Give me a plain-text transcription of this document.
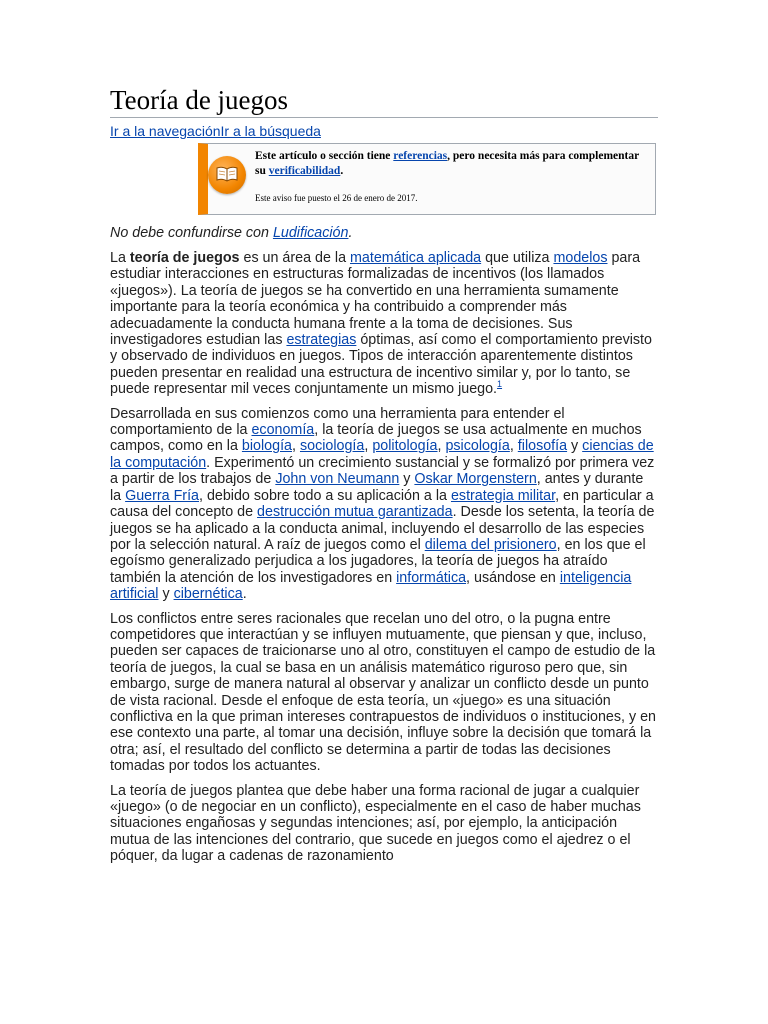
Teoría de juegos
Ir a la navegaciónIr a la búsqueda
Este artículo o sección tiene referencias, pero necesita más para complementar su verificabilidad.
Este aviso fue puesto el 26 de enero de 2017.
No debe confundirse con Ludificación.

La teoría de juegos es un área de la matemática aplicada que utiliza modelos para estudiar interacciones en estructuras formalizadas de incentivos (los llamados «juegos»). La teoría de juegos se ha convertido en una herramienta sumamente importante para la teoría económica y ha contribuido a comprender más adecuadamente la conducta humana frente a la toma de decisiones. Sus investigadores estudian las estrategias óptimas, así como el comportamiento previsto y observado de individuos en juegos. Tipos de interacción aparentemente distintos pueden presentar en realidad una estructura de incentivo similar y, por lo tanto, se puede representar mil veces conjuntamente un mismo juego.$^1$

Desarrollada en sus comienzos como una herramienta para entender el comportamiento de la economía, la teoría de juegos se usa actualmente en muchos campos, como en la biología, sociología, politología, psicología, filosofía y ciencias de la computación. Experimentó un crecimiento sustancial y se formalizó por primera vez a partir de los trabajos de John von Neumann y Oskar Morgenstern, antes y durante la Guerra Fría, debido sobre todo a su aplicación a la estrategia militar, en particular a causa del concepto de destrucción mutua garantizada. Desde los setenta, la teoría de juegos se ha aplicado a la conducta animal, incluyendo el desarrollo de las especies por la selección natural. A raíz de juegos como el dilema del prisionero, en los que el egoísmo generalizado perjudica a los jugadores, la teoría de juegos ha atraído también la atención de los investigadores en informática, usándose en inteligencia artificial y cibernética.

Los conflictos entre seres racionales que recelan uno del otro, o la pugna entre competidores que interactúan y se influyen mutuamente, que piensan y que, incluso, pueden ser capaces de traicionarse uno al otro, constituyen el campo de estudio de la teoría de juegos, la cual se basa en un análisis matemático riguroso pero que, sin embargo, surge de manera natural al observar y analizar un conflicto desde un punto de vista racional. Desde el enfoque de esta teoría, un «juego» es una situación conflictiva en la que priman intereses contrapuestos de individuos o instituciones, y en ese contexto una parte, al tomar una decisión, influye sobre la decisión que tomará la otra; así, el resultado del conflicto se determina a partir de todas las decisiones tomadas por todos los actuantes.

La teoría de juegos plantea que debe haber una forma racional de jugar a cualquier «juego» (o de negociar en un conflicto), especialmente en el caso de haber muchas situaciones engañosas y segundas intenciones; así, por ejemplo, la anticipación mutua de las intenciones del contrario, que sucede en juegos como el ajedrez o el póquer, da lugar a cadenas de razonamiento
